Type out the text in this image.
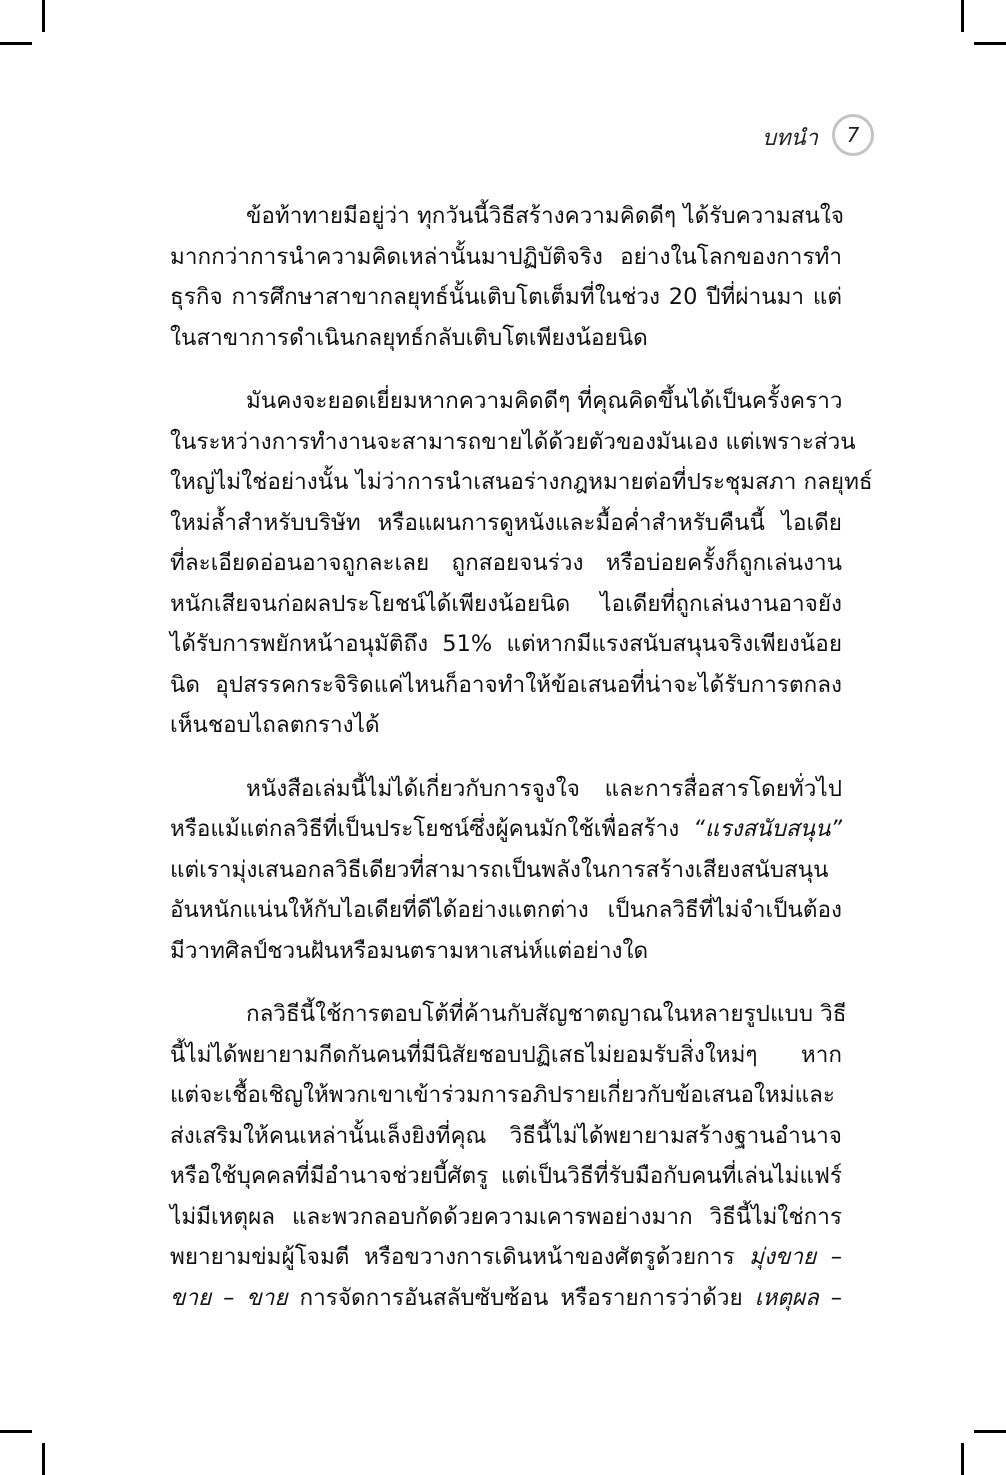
บทนำ	7
ข้อท้าทายมีอยู่ว่า ทุกวันนี้วิธีสร้างความคิดดีๆ ได้รับความสนใจ
มากกว่าการนำความคิดเหล่านั้นมาปฏิบัติจริง อย่างในโลกของการทำ
ธุรกิจ การศึกษาสาขากลยุทธ์นั้นเติบโตเต็มที่ในช่วง 20 ปีที่ผ่านมา แต่
ในสาขาการดำเนินกลยุทธ์กลับเติบโตเพียงน้อยนิด
มันคงจะยอดเยี่ยมหากความคิดดีๆ ที่คุณคิดขึ้นได้เป็นครั้งคราว
ในระหว่างการทำงานจะสามารถขายได้ด้วยตัวของมันเอง แต่เพราะส่วน
ใหญ่ไม่ใช่อย่างนั้น ไม่ว่าการนำเสนอร่างกฎหมายต่อที่ประชุมสภา กลยุทธ์
ใหม่ล้ำสำหรับบริษัท หรือแผนการดูหนังและมื้อค่ำสำหรับคืนนี้ ไอเดีย
ที่ละเอียดอ่อนอาจถูกละเลย ถูกสอยจนร่วง หรือบ่อยครั้งก็ถูกเล่นงาน
หนักเสียจนก่อผลประโยชน์ได้เพียงน้อยนิด ไอเดียที่ถูกเล่นงานอาจยัง
ได้รับการพยักหน้าอนุมัติถึง 51% แต่หากมีแรงสนับสนุนจริงเพียงน้อย
นิด อุปสรรคกระจิริดแค่ไหนก็อาจทำให้ข้อเสนอที่น่าจะได้รับการตกลง
เห็นชอบไถลตกรางได้
หนังสือเล่มนี้ไม่ได้เกี่ยวกับการจูงใจ และการสื่อสารโดยทั่วไป
หรือแม้แต่กลวิธีที่เป็นประโยชน์ซึ่งผู้คนมักใช้เพื่อสร้าง “แรงสนับสนุน”
แต่เรามุ่งเสนอกลวิธีเดียวที่สามารถเป็นพลังในการสร้างเสียงสนับสนุน
อันหนักแน่นให้กับไอเดียที่ดีได้อย่างแตกต่าง เป็นกลวิธีที่ไม่จำเป็นต้อง
มีวาทศิลป์ชวนฝันหรือมนตรามหาเสน่ห์แต่อย่างใด
กลวิธีนี้ใช้การตอบโต้ที่ค้านกับสัญชาตญาณในหลายรูปแบบ วิธี
นี้ไม่ได้พยายามกีดกันคนที่มีนิสัยชอบปฏิเสธไม่ยอมรับสิ่งใหม่ๆ หาก
แต่จะเชื้อเชิญให้พวกเขาเข้าร่วมการอภิปรายเกี่ยวกับข้อเสนอใหม่และ
ส่งเสริมให้คนเหล่านั้นเล็งยิงที่คุณ วิธีนี้ไม่ได้พยายามสร้างฐานอำนาจ
หรือใช้บุคคลที่มีอำนาจช่วยบี้ศัตรู แต่เป็นวิธีที่รับมือกับคนที่เล่นไม่แฟร์
ไม่มีเหตุผล และพวกลอบกัดด้วยความเคารพอย่างมาก วิธีนี้ไม่ใช่การ
พยายามข่มผู้โจมตี หรือขวางการเดินหน้าของศัตรูด้วยการ มุ่งขาย –
ขาย – ขาย การจัดการอันสลับซับซ้อน หรือรายการว่าด้วย เหตุผล –
